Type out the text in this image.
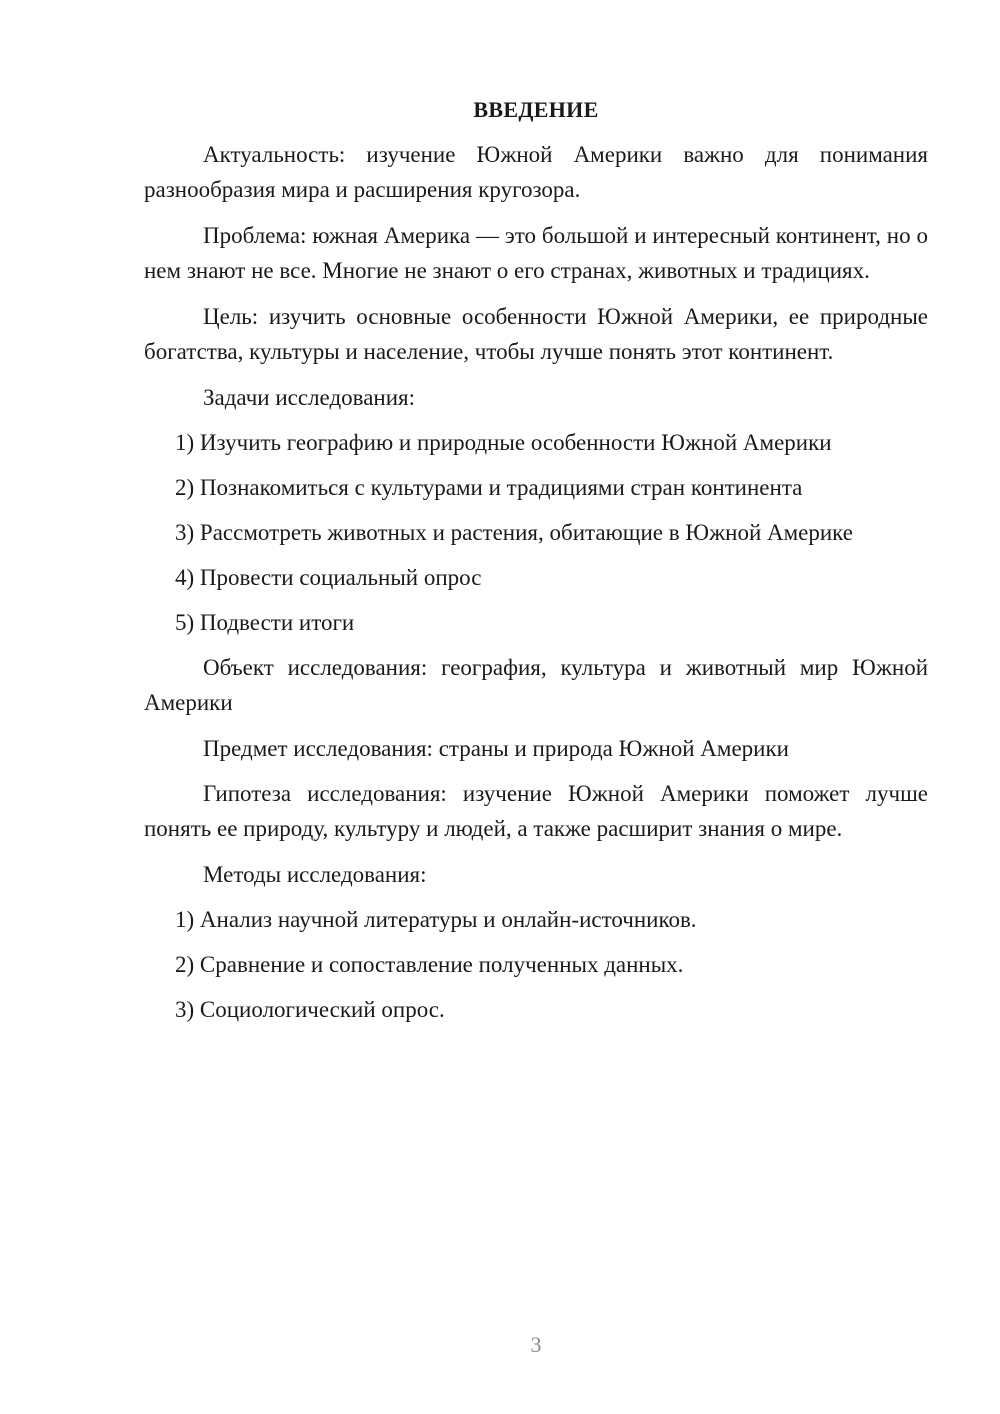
ВВЕДЕНИЕ
Актуальность: изучение Южной Америки важно для понимания разнообразия мира и расширения кругозора.
Проблема: южная Америка — это большой и интересный континент, но о нем знают не все. Многие не знают о его странах, животных и традициях.
Цель: изучить основные особенности Южной Америки, ее природные богатства, культуры и население, чтобы лучше понять этот континент.
Задачи исследования:
1) Изучить географию и природные особенности Южной Америки
2) Познакомиться с культурами и традициями стран континента
3) Рассмотреть животных и растения, обитающие в Южной Америке
4) Провести социальный опрос
5) Подвести итоги
Объект исследования: география, культура и животный мир Южной Америки
Предмет исследования: страны и природа Южной Америки
Гипотеза исследования: изучение Южной Америки поможет лучше понять ее природу, культуру и людей, а также расширит знания о мире.
Методы исследования:
1) Анализ научной литературы и онлайн-источников.
2) Сравнение и сопоставление полученных данных.
3) Социологический опрос.
3
